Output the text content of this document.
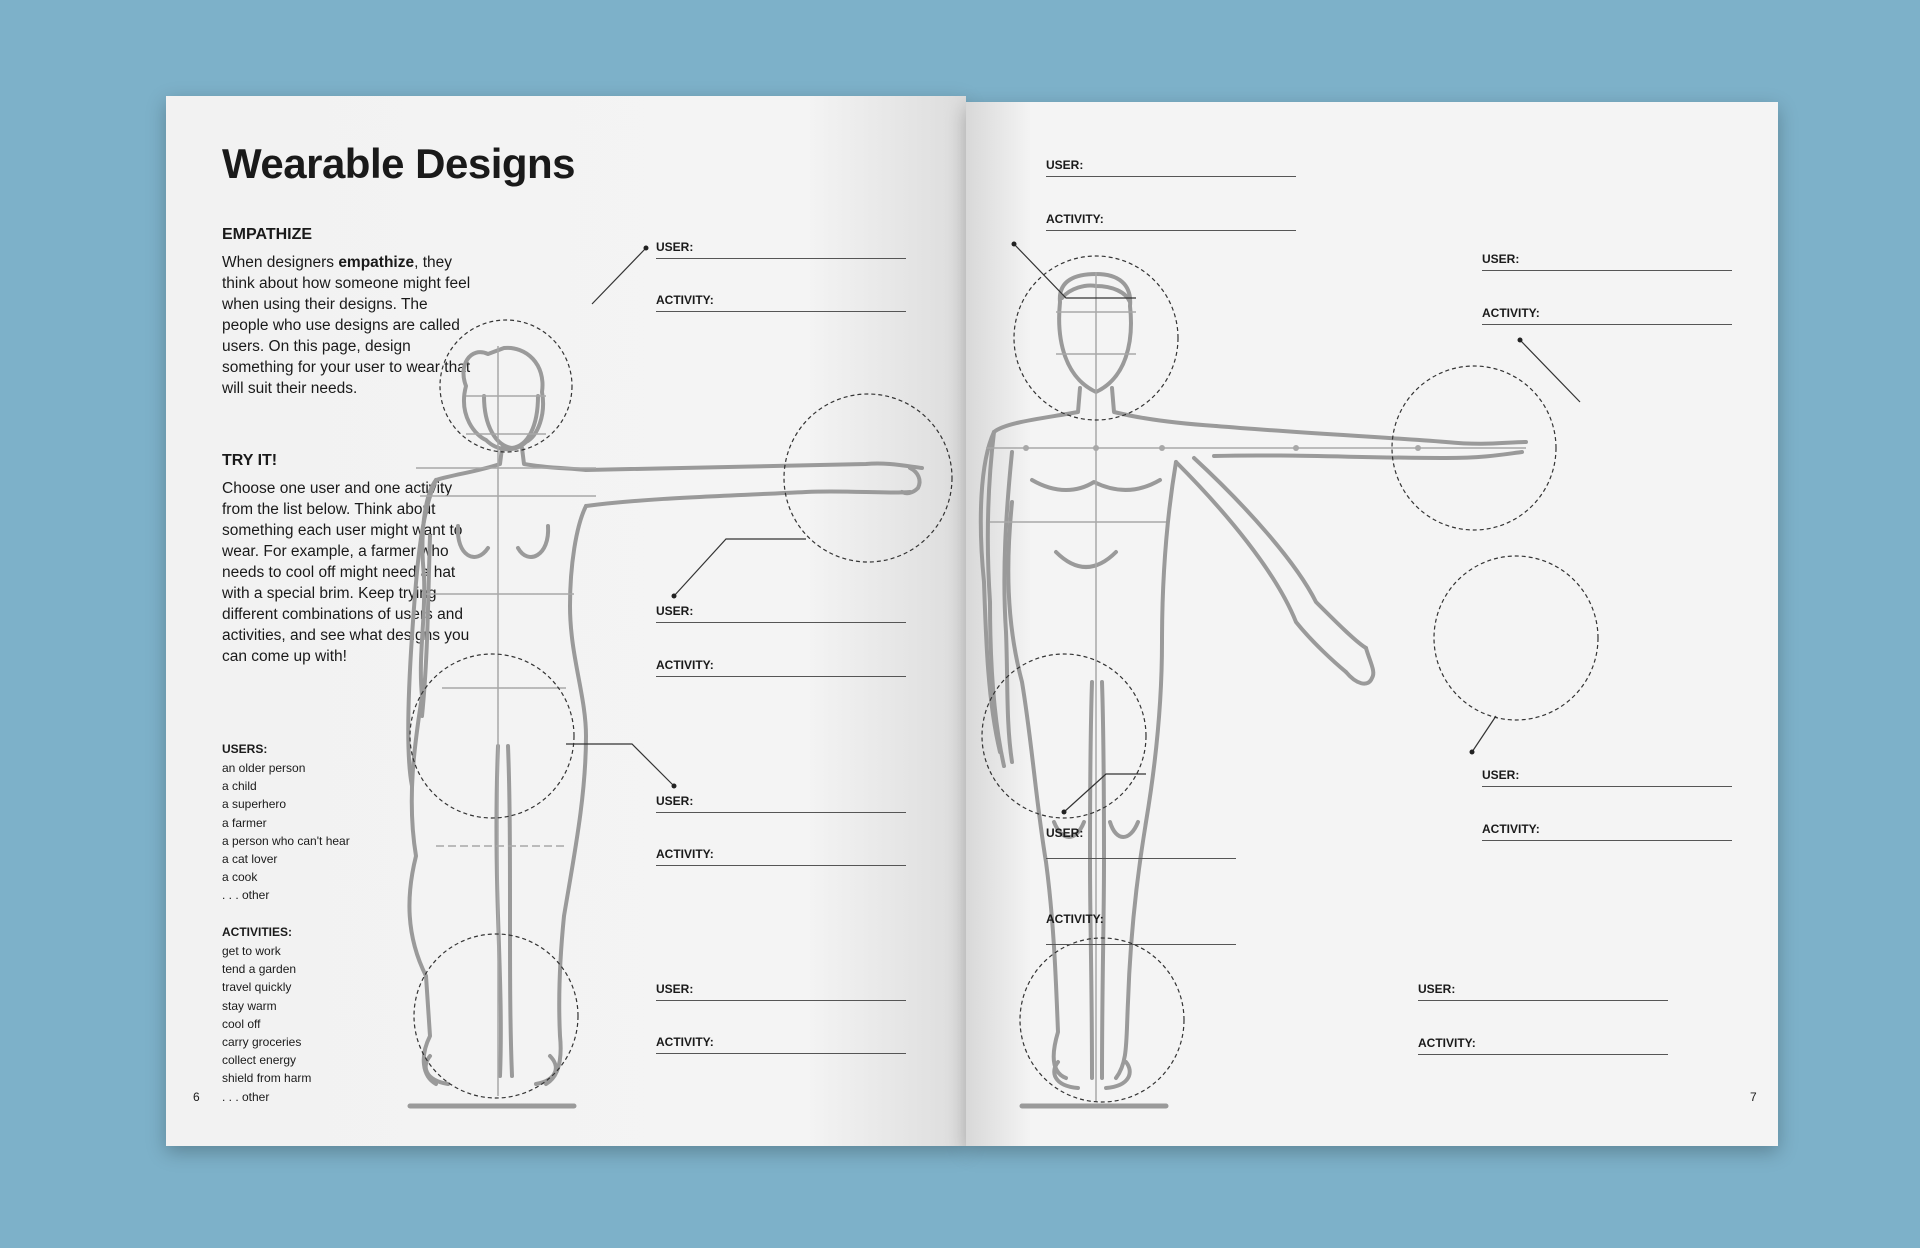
Wearable Designs
EMPATHIZE
When designers empathize, they think about how someone might feel when using their designs. The people who use designs are called users. On this page, design something for your user to wear that will suit their needs.
TRY IT!
Choose one user and one activity from the list below. Think about something each user might want to wear. For example, a farmer who needs to cool off might need a hat with a special brim. Keep trying different combinations of users and activities, and see what designs you can come up with!
USERS:
an older person
a child
a superhero
a farmer
a person who can't hear
a cat lover
a cook
. . . other
ACTIVITIES:
get to work
tend a garden
travel quickly
stay warm
cool off
carry groceries
collect energy
shield from harm
. . . other
6
USER:
ACTIVITY:
USER:
ACTIVITY:
USER:
ACTIVITY:
USER:
ACTIVITY:
USER:
ACTIVITY:
USER:
ACTIVITY:
USER:
ACTIVITY:
USER:
ACTIVITY:
USER:
ACTIVITY:
7
